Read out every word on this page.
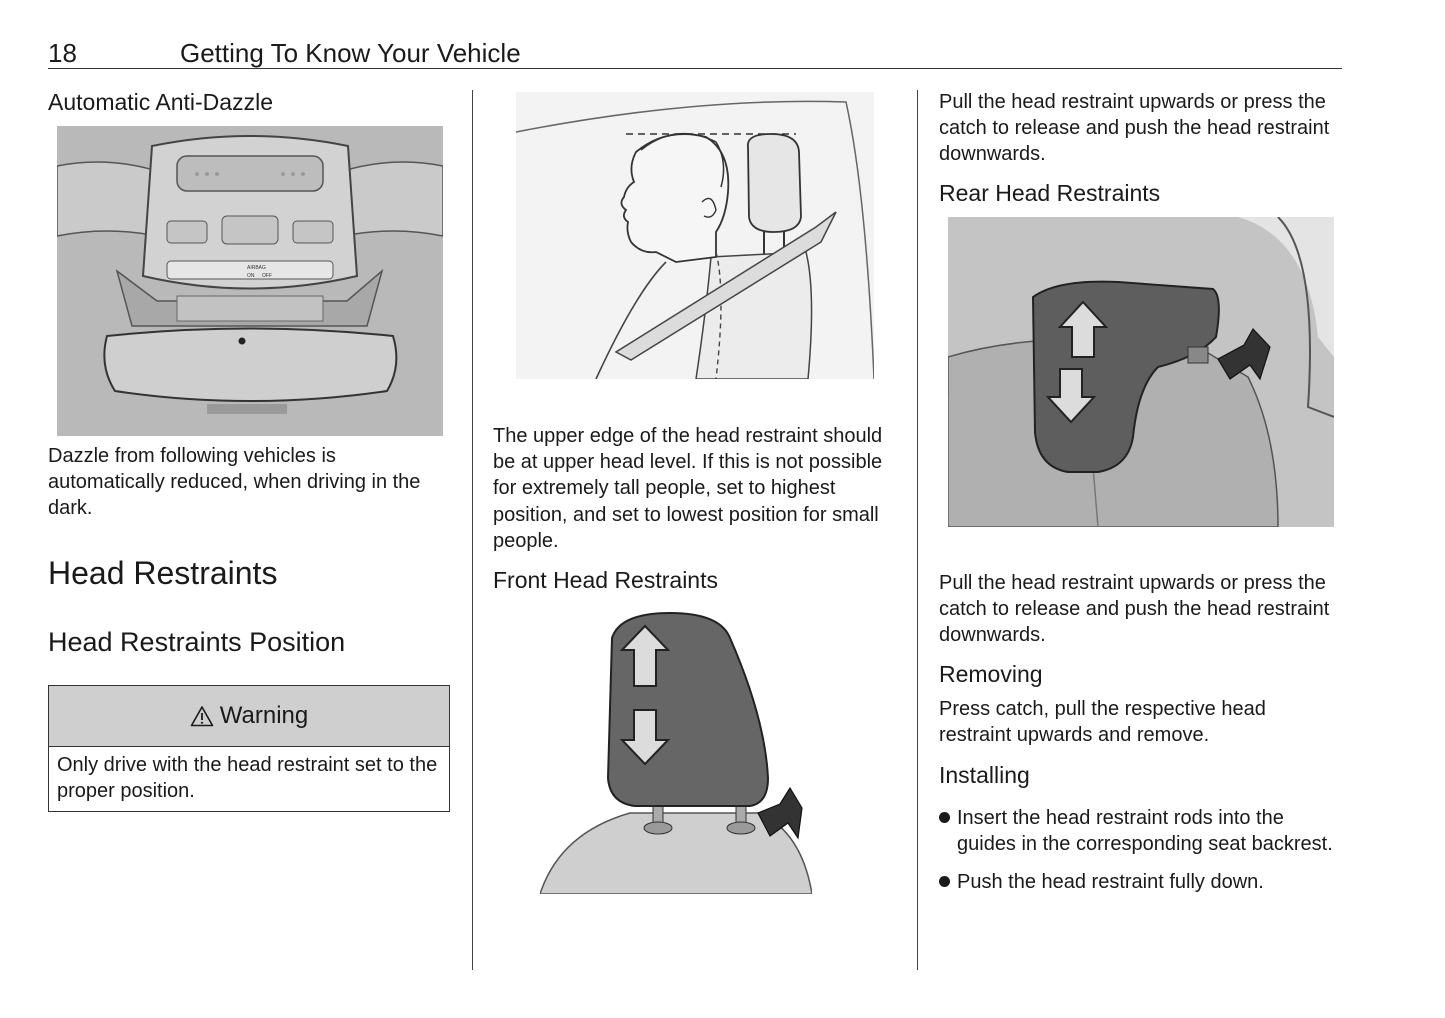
18	Getting To Know Your Vehicle
Automatic Anti-Dazzle
AIRBAG
ON OFF
Dazzle from following vehicles is automatically reduced, when driving in the dark.
Head Restraints
Head Restraints Position
Warning
Only drive with the head restraint set to the proper position.
The upper edge of the head restraint should be at upper head level. If this is not possible for extremely tall people, set to highest position, and set to lowest position for small people.
Front Head Restraints
Pull the head restraint upwards or press the catch to release and push the head restraint downwards.
Rear Head Restraints
Pull the head restraint upwards or press the catch to release and push the head restraint downwards.
Removing
Press catch, pull the respective head restraint upwards and remove.
Installing
Insert the head restraint rods into the guides in the corresponding seat backrest.
Push the head restraint fully down.
